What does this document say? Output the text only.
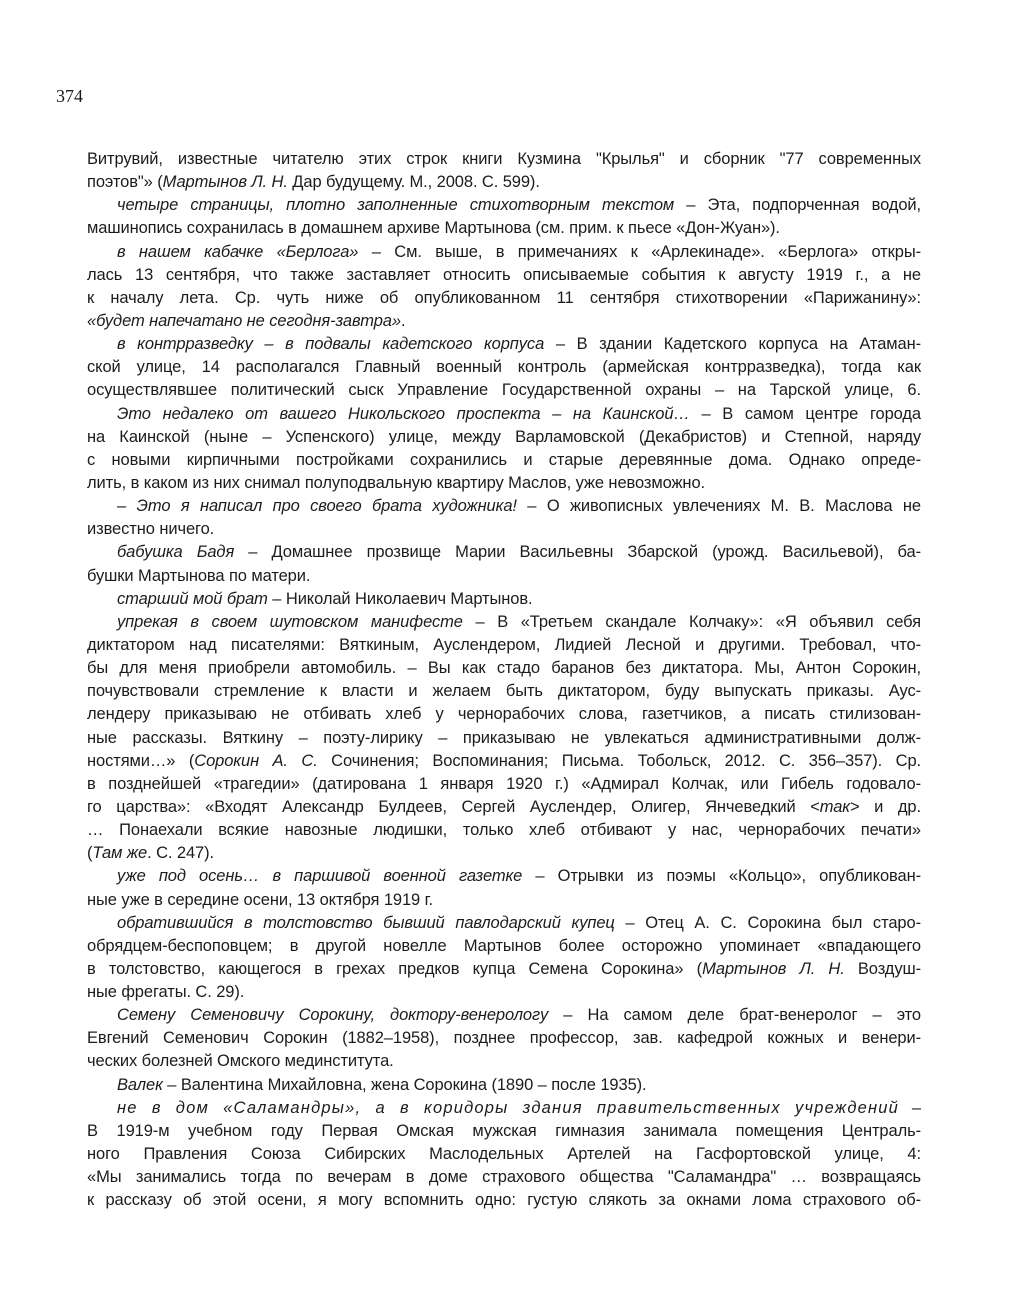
374
Витрувий, известные читателю этих строк книги Кузмина "Крылья" и сборник "77 современных
поэтов"» (Мартынов Л. Н. Дар будущему. М., 2008. С. 599).
четыре страницы, плотно заполненные стихотворным текстом – Эта, подпорченная водой,
машинопись сохранилась в домашнем архиве Мартынова (см. прим. к пьесе «Дон-Жуан»).
в нашем кабачке «Берлога» – См. выше, в примечаниях к «Арлекинаде». «Берлога» откры-
лась 13 сентября, что также заставляет относить описываемые события к августу 1919 г., а не
к началу лета. Ср. чуть ниже об опубликованном 11 сентября стихотворении «Парижанину»:
«будет напечатано не сегодня-завтра».
в контрразведку – в подвалы кадетского корпуса – В здании Кадетского корпуса на Атаман-
ской улице, 14 располагался Главный военный контроль (армейская контрразведка), тогда как
осуществлявшее политический сыск Управление Государственной охраны – на Тарской улице, 6.
Это недалеко от вашего Никольского проспекта – на Каинской… – В самом центре города
на Каинской (ныне – Успенского) улице, между Варламовской (Декабристов) и Степной, наряду
с новыми кирпичными постройками сохранились и старые деревянные дома. Однако опреде-
лить, в каком из них снимал полуподвальную квартиру Маслов, уже невозможно.
– Это я написал про своего брата художника! – О живописных увлечениях М. В. Маслова не
известно ничего.
бабушка Бадя – Домашнее прозвище Марии Васильевны Збарской (урожд. Васильевой), ба-
бушки Мартынова по матери.
старший мой брат – Николай Николаевич Мартынов.
упрекая в своем шутовском манифесте – В «Третьем скандале Колчаку»: «Я объявил себя
диктатором над писателями: Вяткиным, Ауслендером, Лидией Лесной и другими. Требовал, что-
бы для меня приобрели автомобиль. – Вы как стадо баранов без диктатора. Мы, Антон Сорокин,
почувствовали стремление к власти и желаем быть диктатором, буду выпускать приказы. Аус-
лендеру приказываю не отбивать хлеб у чернорабочих слова, газетчиков, а писать стилизован-
ные рассказы. Вяткину – поэту-лирику – приказываю не увлекаться административными долж-
ностями…» (Сорокин А. С. Сочинения; Воспоминания; Письма. Тобольск, 2012. С. 356–357). Ср.
в позднейшей «трагедии» (датирована 1 января 1920 г.) «Адмирал Колчак, или Гибель годовало-
го царства»: «Входят Александр Булдеев, Сергей Ауслендер, Олигер, Янчеведкий <так> и др.
… Понаехали всякие навозные людишки, только хлеб отбивают у нас, чернорабочих печати»
(Там же. С. 247).
уже под осень… в паршивой военной газетке – Отрывки из поэмы «Кольцо», опубликован-
ные уже в середине осени, 13 октября 1919 г.
обратившийся в толстовство бывший павлодарский купец – Отец А. С. Сорокина был старо-
обрядцем-беспоповцем; в другой новелле Мартынов более осторожно упоминает «впадающего
в толстовство, кающегося в грехах предков купца Семена Сорокина» (Мартынов Л. Н. Воздуш-
ные фрегаты. С. 29).
Семену Семеновичу Сорокину, доктору-венерологу – На самом деле брат-венеролог – это
Евгений Семенович Сорокин (1882–1958), позднее профессор, зав. кафедрой кожных и венери-
ческих болезней Омского мединститута.
Валек – Валентина Михайловна, жена Сорокина (1890 – после 1935).
не в дом «Саламандры», а в коридоры здания правительственных учреждений –
В 1919-м учебном году Первая Омская мужская гимназия занимала помещения Централь-
ного Правления Союза Сибирских Маслодельных Артелей на Гасфортовской улице, 4:
«Мы занимались тогда по вечерам в доме страхового общества "Саламандра" … возвращаясь
к рассказу об этой осени, я могу вспомнить одно: густую слякоть за окнами лома страхового об-
